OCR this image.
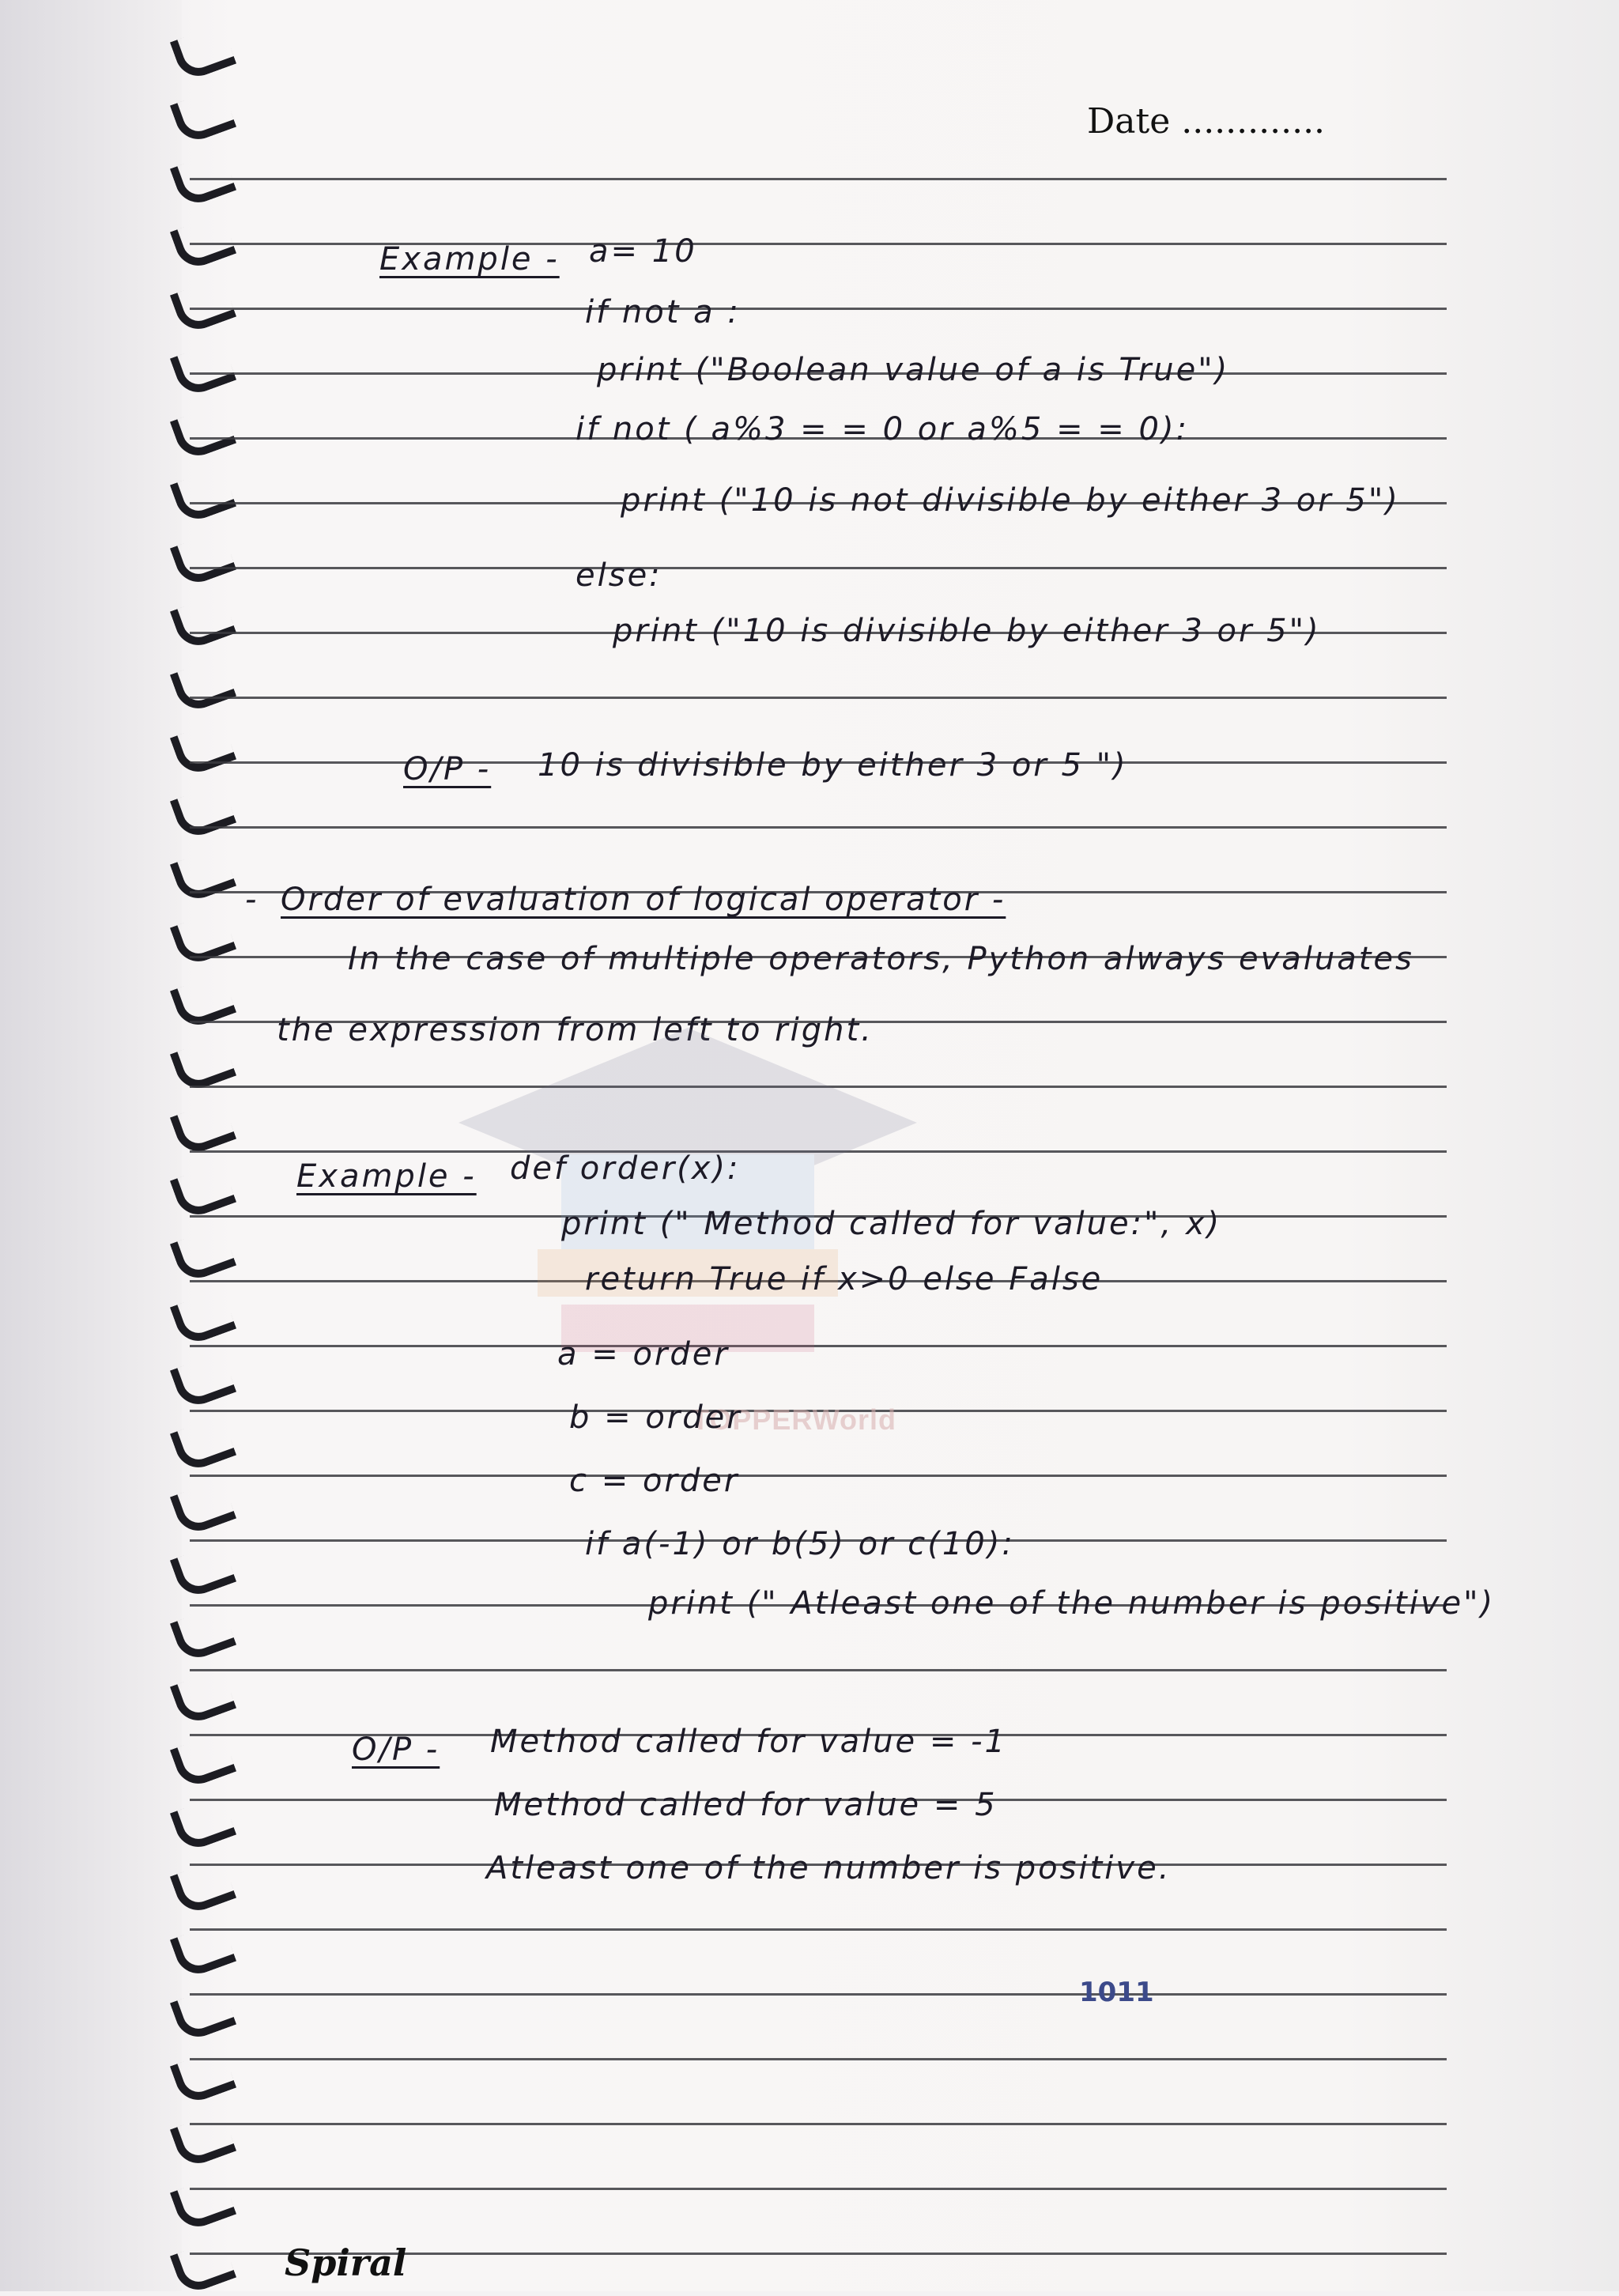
Date .............
Example - a= 10
if not a :
print ("Boolean value of a is True")
if not ( a%3 = = 0 or a%5 = = 0):
print ("10 is not divisible by either 3 or 5")
else:
print ("10 is divisible by either 3 or 5")
O/P - 10 is divisible by either 3 or 5 ")
- Order of evaluation of logical operator -
In the case of multiple operators, Python always evaluates
the expression from left to right.
TOPPERWorld
Example - def order(x):
print (" Method called for value:", x)
return True if x>0 else False
a = order
b = order
c = order
if a(-1) or b(5) or c(10):
print (" Atleast one of the number is positive")
O/P - Method called for value = -1
Method called for value = 5
Atleast one of the number is positive.
1011
Spiral
